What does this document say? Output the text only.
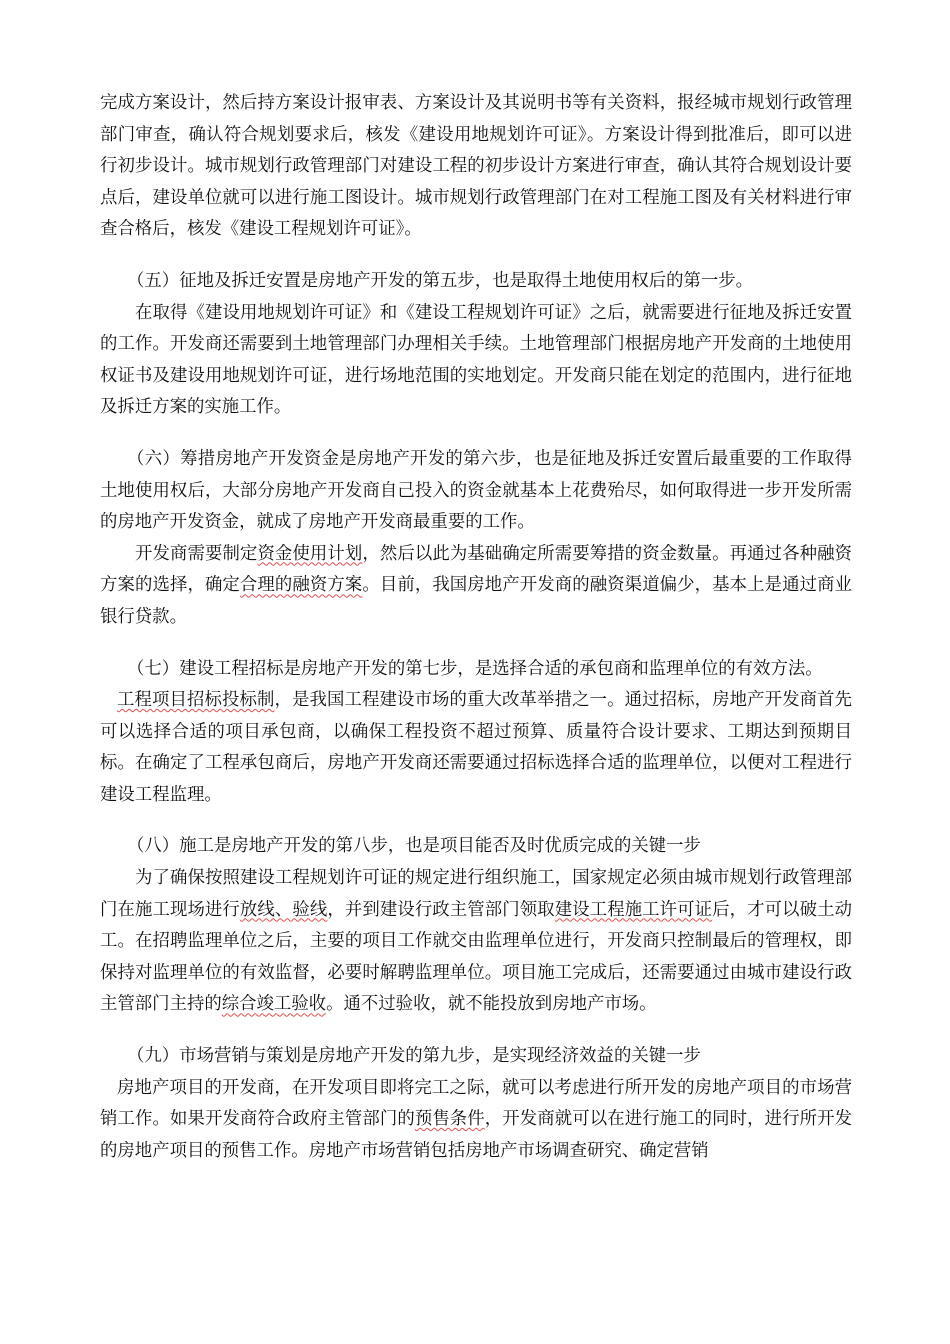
完成方案设计，然后持方案设计报审表、方案设计及其说明书等有关资料，报经城市规划行政管理部门审查，确认符合规划要求后，核发《建设用地规划许可证》。方案设计得到批准后，即可以进行初步设计。城市规划行政管理部门对建设工程的初步设计方案进行审查，确认其符合规划设计要点后，建设单位就可以进行施工图设计。城市规划行政管理部门在对工程施工图及有关材料进行审查合格后，核发《建设工程规划许可证》。

（五）征地及拆迁安置是房地产开发的第五步，也是取得土地使用权后的第一步。

在取得《建设用地规划许可证》和《建设工程规划许可证》之后，就需要进行征地及拆迁安置的工作。开发商还需要到土地管理部门办理相关手续。土地管理部门根据房地产开发商的土地使用权证书及建设用地规划许可证，进行场地范围的实地划定。开发商只能在划定的范围内，进行征地及拆迁方案的实施工作。

（六）筹措房地产开发资金是房地产开发的第六步，也是征地及拆迁安置后最重要的工作取得土地使用权后，大部分房地产开发商自己投入的资金就基本上花费殆尽，如何取得进一步开发所需的房地产开发资金，就成了房地产开发商最重要的工作。

开发商需要制定资金使用计划，然后以此为基础确定所需要筹措的资金数量。再通过各种融资方案的选择，确定合理的融资方案。目前，我国房地产开发商的融资渠道偏少，基本上是通过商业银行贷款。

（七）建设工程招标是房地产开发的第七步，是选择合适的承包商和监理单位的有效方法。

工程项目招标投标制，是我国工程建设市场的重大改革举措之一。通过招标，房地产开发商首先可以选择合适的项目承包商，以确保工程投资不超过预算、质量符合设计要求、工期达到预期目标。在确定了工程承包商后，房地产开发商还需要通过招标选择合适的监理单位，以便对工程进行建设工程监理。

（八）施工是房地产开发的第八步，也是项目能否及时优质完成的关键一步

为了确保按照建设工程规划许可证的规定进行组织施工，国家规定必须由城市规划行政管理部门在施工现场进行放线、验线，并到建设行政主管部门领取建设工程施工许可证后，才可以破土动工。在招聘监理单位之后，主要的项目工作就交由监理单位进行，开发商只控制最后的管理权，即保持对监理单位的有效监督，必要时解聘监理单位。项目施工完成后，还需要通过由城市建设行政主管部门主持的综合竣工验收。通不过验收，就不能投放到房地产市场。

（九）市场营销与策划是房地产开发的第九步，是实现经济效益的关键一步

房地产项目的开发商，在开发项目即将完工之际，就可以考虑进行所开发的房地产项目的市场营销工作。如果开发商符合政府主管部门的预售条件，开发商就可以在进行施工的同时，进行所开发的房地产项目的预售工作。房地产市场营销包括房地产市场调查研究、确定营销
